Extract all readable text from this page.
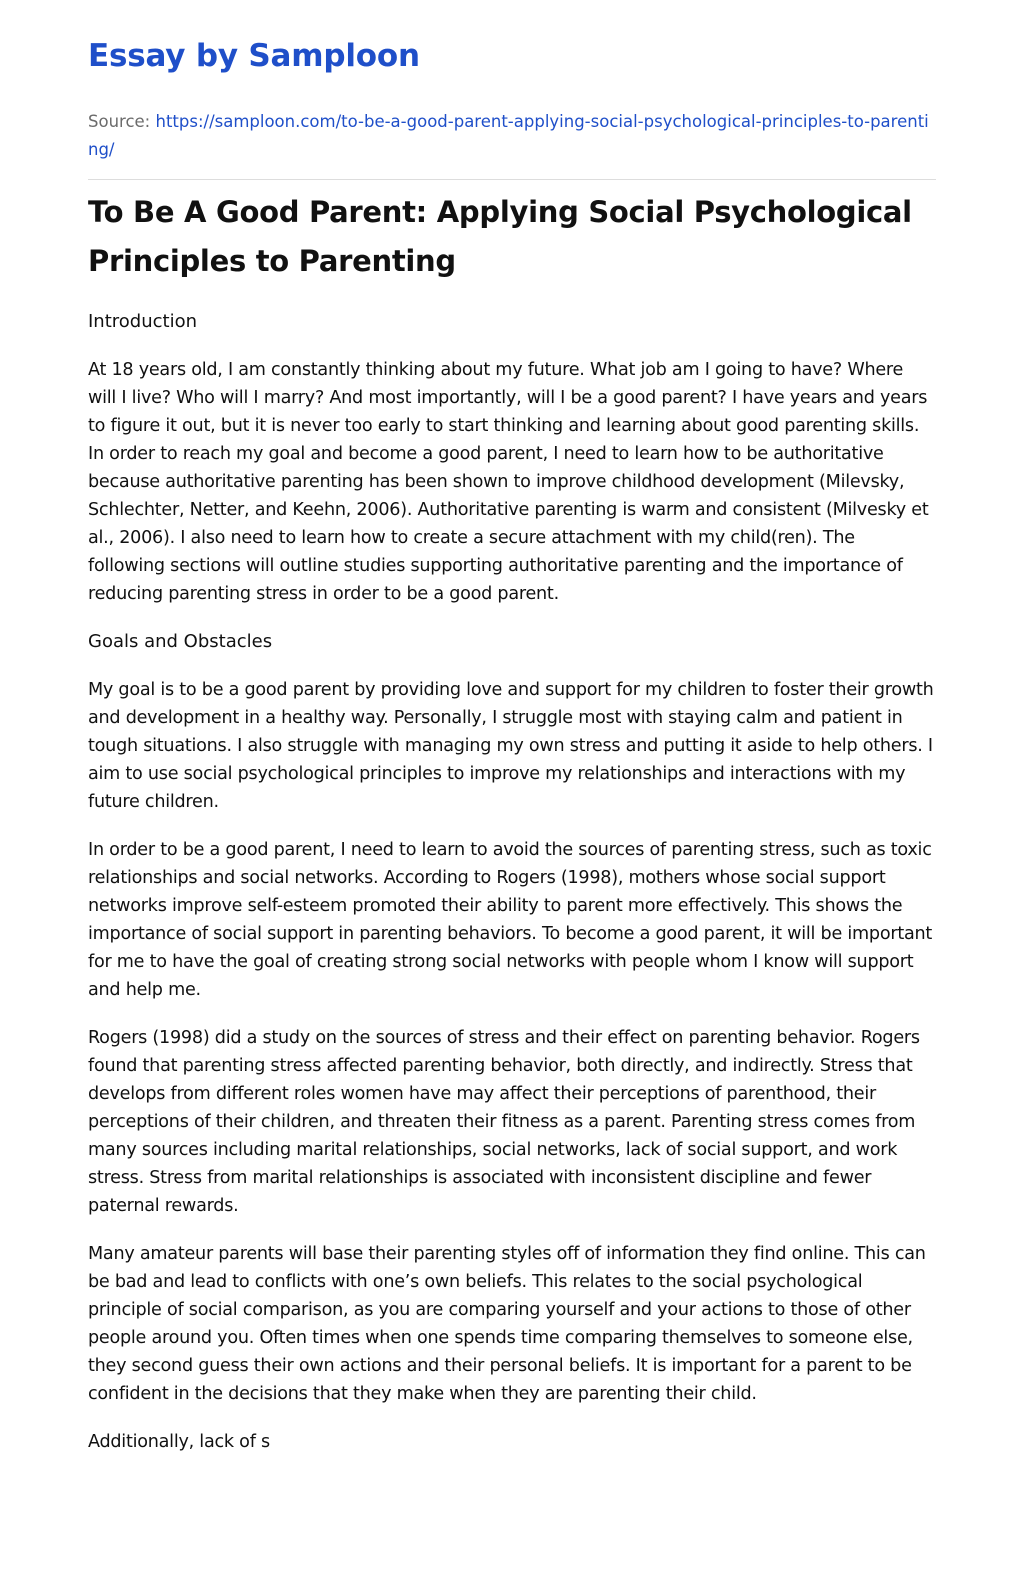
Essay by Samploon

Source: https://samploon.com/to-be-a-good-parent-applying-social-psychological-principles-to-parenting/

To Be A Good Parent: Applying Social Psychological Principles to Parenting
Introduction

At 18 years old, I am constantly thinking about my future. What job am I going to have? Where will I live? Who will I marry? And most importantly, will I be a good parent? I have years and years to figure it out, but it is never too early to start thinking and learning about good parenting skills. In order to reach my goal and become a good parent, I need to learn how to be authoritative because authoritative parenting has been shown to improve childhood development (Milevsky, Schlechter, Netter, and Keehn, 2006). Authoritative parenting is warm and consistent (Milvesky et al., 2006). I also need to learn how to create a secure attachment with my child(ren). The following sections will outline studies supporting authoritative parenting and the importance of reducing parenting stress in order to be a good parent.

Goals and Obstacles

My goal is to be a good parent by providing love and support for my children to foster their growth and development in a healthy way. Personally, I struggle most with staying calm and patient in tough situations. I also struggle with managing my own stress and putting it aside to help others. I aim to use social psychological principles to improve my relationships and interactions with my future children.

In order to be a good parent, I need to learn to avoid the sources of parenting stress, such as toxic relationships and social networks. According to Rogers (1998), mothers whose social support networks improve self-esteem promoted their ability to parent more effectively. This shows the importance of social support in parenting behaviors. To become a good parent, it will be important for me to have the goal of creating strong social networks with people whom I know will support and help me.

Rogers (1998) did a study on the sources of stress and their effect on parenting behavior. Rogers found that parenting stress affected parenting behavior, both directly, and indirectly. Stress that develops from different roles women have may affect their perceptions of parenthood, their perceptions of their children, and threaten their fitness as a parent. Parenting stress comes from many sources including marital relationships, social networks, lack of social support, and work stress. Stress from marital relationships is associated with inconsistent discipline and fewer paternal rewards.

Many amateur parents will base their parenting styles off of information they find online. This can be bad and lead to conflicts with one’s own beliefs. This relates to the social psychological principle of social comparison, as you are comparing yourself and your actions to those of other people around you. Often times when one spends time comparing themselves to someone else, they second guess their own actions and their personal beliefs. It is important for a parent to be confident in the decisions that they make when they are parenting their child.

Additionally, lack of s
